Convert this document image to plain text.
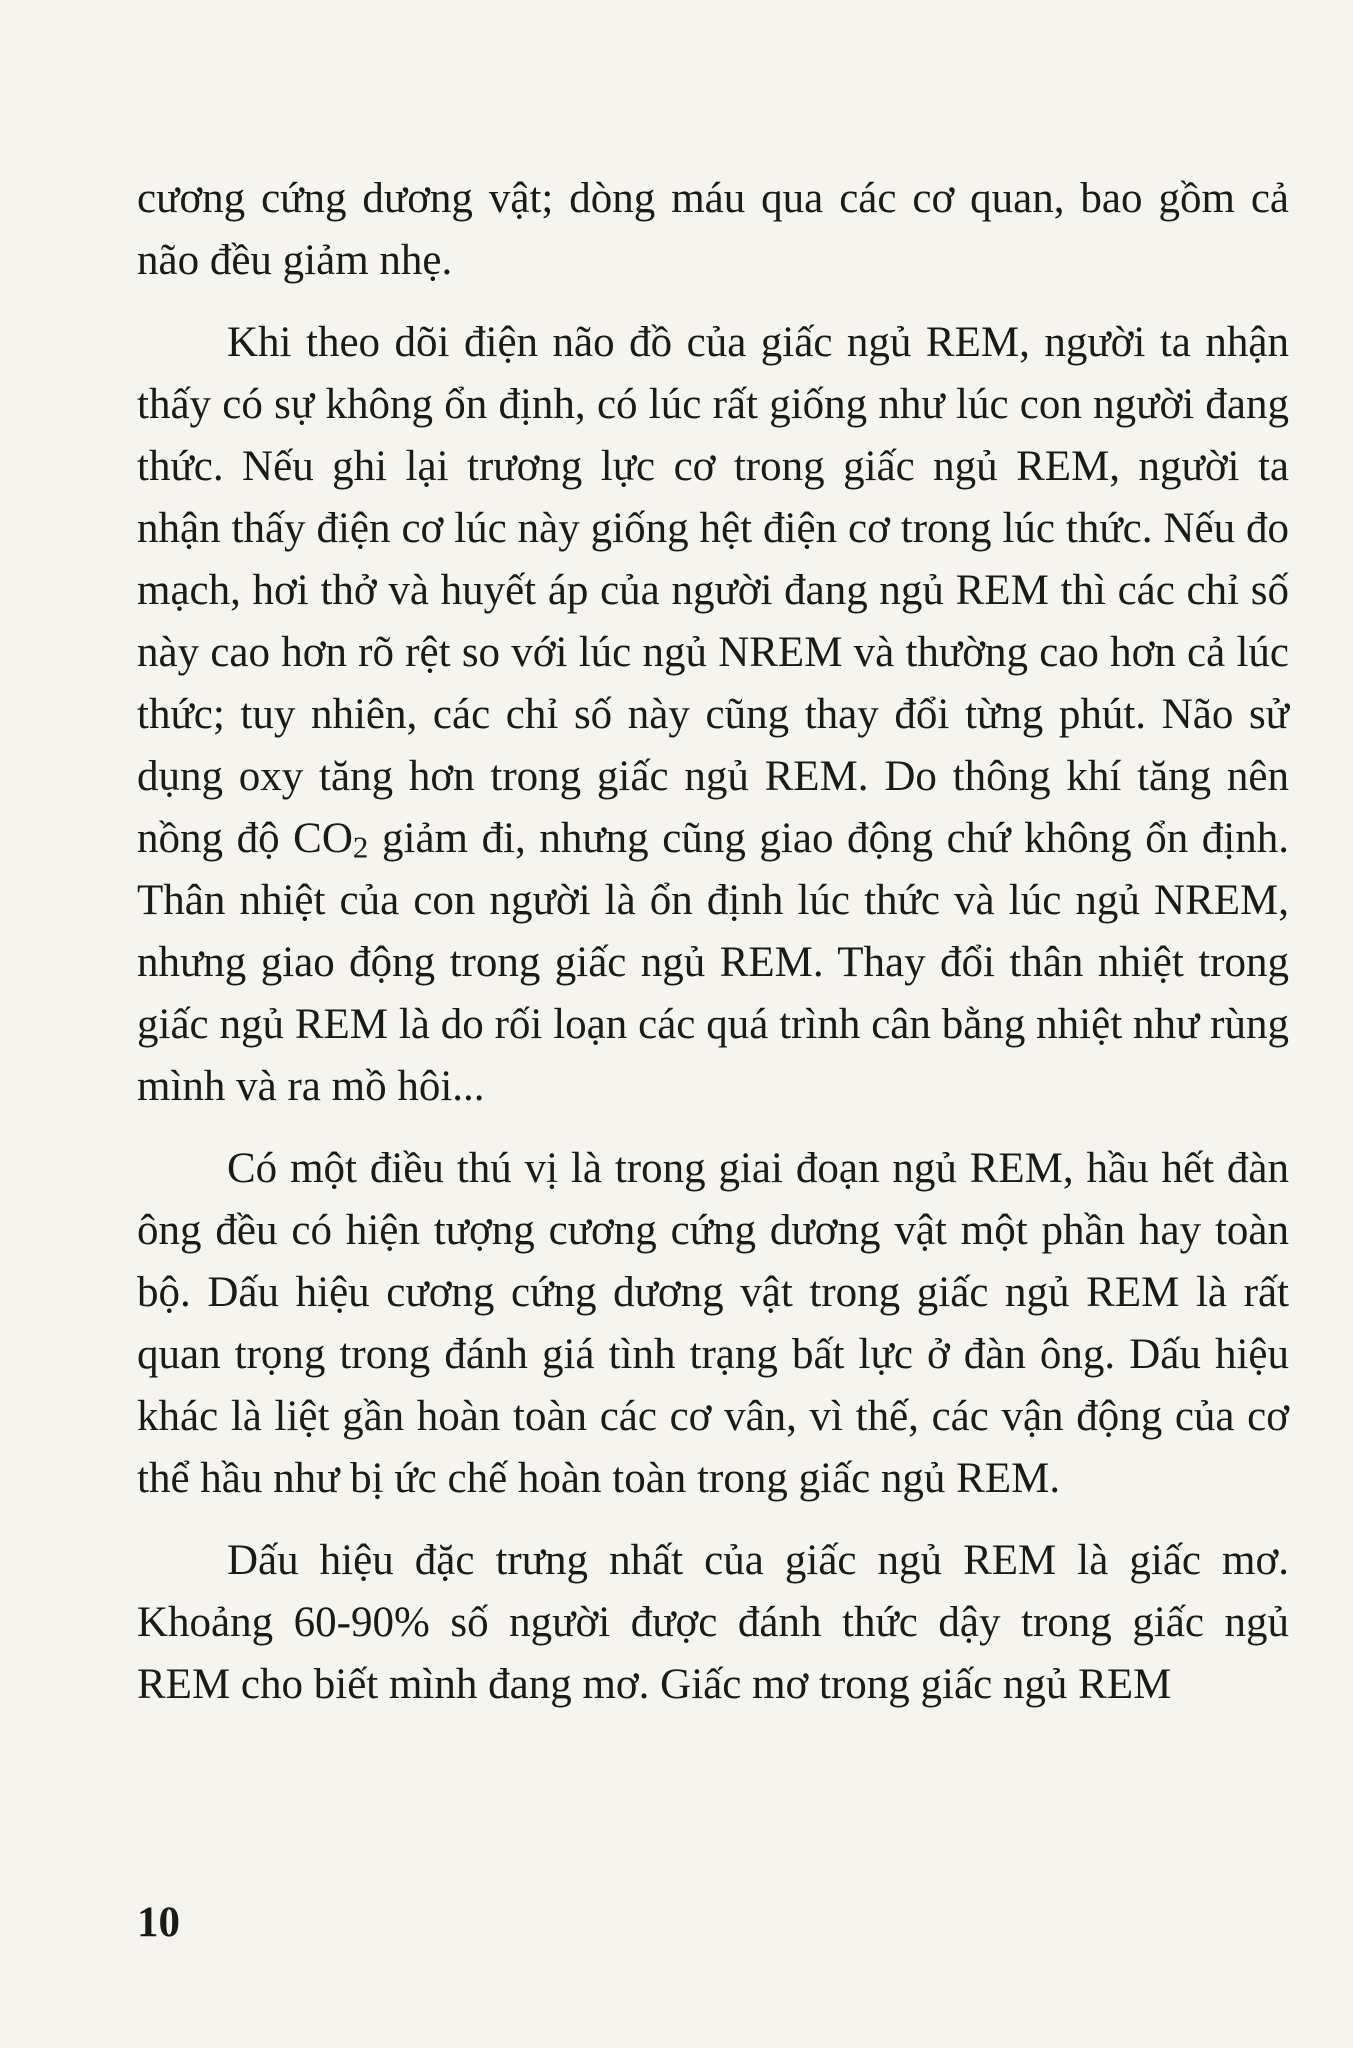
cương cứng dương vật; dòng máu qua các cơ quan, bao gồm cả não đều giảm nhẹ.

Khi theo dõi điện não đồ của giấc ngủ REM, người ta nhận thấy có sự không ổn định, có lúc rất giống như lúc con người đang thức. Nếu ghi lại trương lực cơ trong giấc ngủ REM, người ta nhận thấy điện cơ lúc này giống hệt điện cơ trong lúc thức. Nếu đo mạch, hơi thở và huyết áp của người đang ngủ REM thì các chỉ số này cao hơn rõ rệt so với lúc ngủ NREM và thường cao hơn cả lúc thức; tuy nhiên, các chỉ số này cũng thay đổi từng phút. Não sử dụng oxy tăng hơn trong giấc ngủ REM. Do thông khí tăng nên nồng độ $CO_2$ giảm đi, nhưng cũng giao động chứ không ổn định. Thân nhiệt của con người là ổn định lúc thức và lúc ngủ NREM, nhưng giao động trong giấc ngủ REM. Thay đổi thân nhiệt trong giấc ngủ REM là do rối loạn các quá trình cân bằng nhiệt như rùng mình và ra mồ hôi...

Có một điều thú vị là trong giai đoạn ngủ REM, hầu hết đàn ông đều có hiện tượng cương cứng dương vật một phần hay toàn bộ. Dấu hiệu cương cứng dương vật trong giấc ngủ REM là rất quan trọng trong đánh giá tình trạng bất lực ở đàn ông. Dấu hiệu khác là liệt gần hoàn toàn các cơ vân, vì thế, các vận động của cơ thể hầu như bị ức chế hoàn toàn trong giấc ngủ REM.

Dấu hiệu đặc trưng nhất của giấc ngủ REM là giấc mơ. Khoảng 60-90% số người được đánh thức dậy trong giấc ngủ REM cho biết mình đang mơ. Giấc mơ trong giấc ngủ REM

10
